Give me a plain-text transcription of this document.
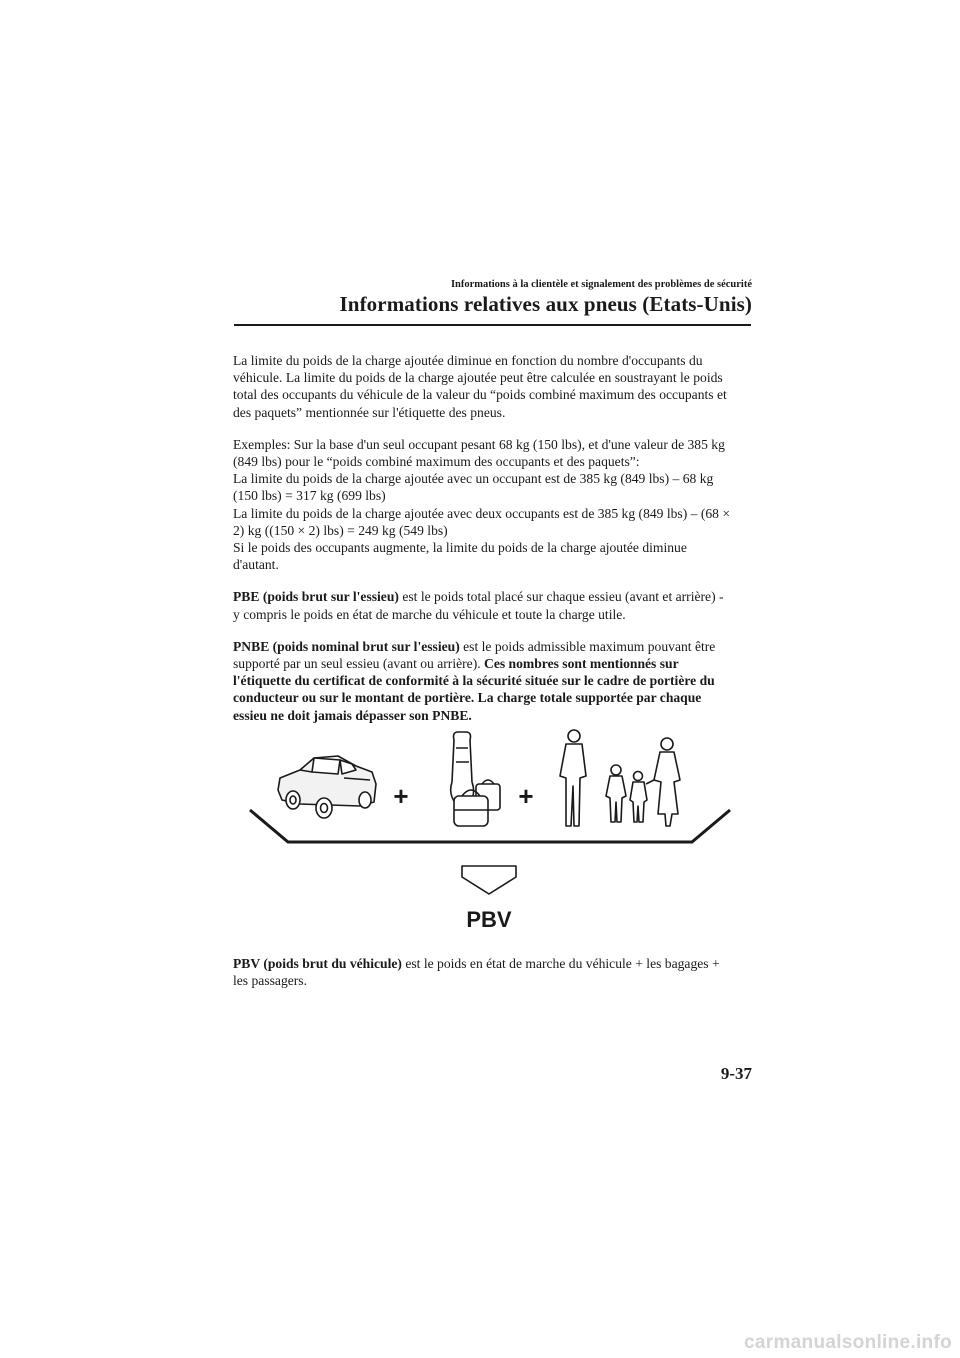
Informations à la clientèle et signalement des problèmes de sécurité
Informations relatives aux pneus (Etats-Unis)

La limite du poids de la charge ajoutée diminue en fonction du nombre d'occupants du
véhicule. La limite du poids de la charge ajoutée peut être calculée en soustrayant le poids
total des occupants du véhicule de la valeur du “poids combiné maximum des occupants et
des paquets” mentionnée sur l'étiquette des pneus.

Exemples: Sur la base d'un seul occupant pesant 68 kg (150 lbs), et d'une valeur de 385 kg
(849 lbs) pour le “poids combiné maximum des occupants et des paquets”:
La limite du poids de la charge ajoutée avec un occupant est de 385 kg (849 lbs) – 68 kg
(150 lbs) = 317 kg (699 lbs)
La limite du poids de la charge ajoutée avec deux occupants est de 385 kg (849 lbs) – (68 ×
2) kg ((150 × 2) lbs) = 249 kg (549 lbs)
Si le poids des occupants augmente, la limite du poids de la charge ajoutée diminue
d'autant.

PBE (poids brut sur l'essieu) est le poids total placé sur chaque essieu (avant et arrière) -
y compris le poids en état de marche du véhicule et toute la charge utile.

PNBE (poids nominal brut sur l'essieu) est le poids admissible maximum pouvant être
supporté par un seul essieu (avant ou arrière). Ces nombres sont mentionnés sur
l'étiquette du certificat de conformité à la sécurité située sur le cadre de portière du
conducteur ou sur le montant de portière. La charge totale supportée par chaque
essieu ne doit jamais dépasser son PNBE.

+	+
PBV
PBV (poids brut du véhicule) est le poids en état de marche du véhicule + les bagages +
les passagers.
9-37
carmanualsonline.info
